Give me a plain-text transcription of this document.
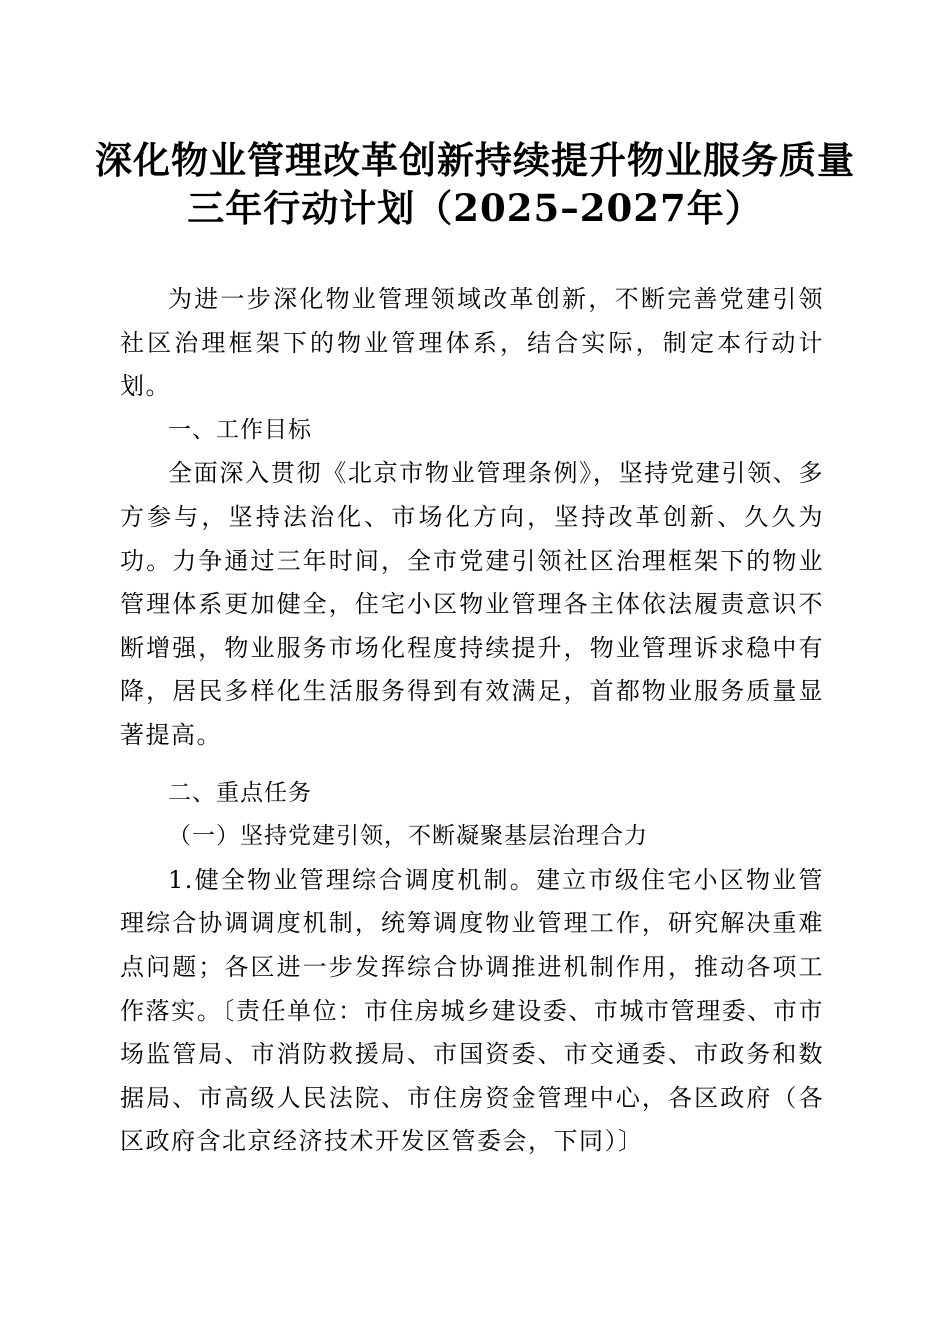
深化物业管理改革创新持续提升物业服务质量
三年行动计划（2025–2027年）

为进一步深化物业管理领域改革创新，不断完善党建引领社区治理框架下的物业管理体系，结合实际，制定本行动计划。

一、工作目标

全面深入贯彻《北京市物业管理条例》，坚持党建引领、多方参与，坚持法治化、市场化方向，坚持改革创新、久久为功。力争通过三年时间，全市党建引领社区治理框架下的物业管理体系更加健全，住宅小区物业管理各主体依法履责意识不断增强，物业服务市场化程度持续提升，物业管理诉求稳中有降，居民多样化生活服务得到有效满足，首都物业服务质量显著提高。

二、重点任务

（一）坚持党建引领，不断凝聚基层治理合力

1.健全物业管理综合调度机制。建立市级住宅小区物业管理综合协调调度机制，统筹调度物业管理工作，研究解决重难点问题；各区进一步发挥综合协调推进机制作用，推动各项工作落实。〔责任单位：市住房城乡建设委、市城市管理委、市市场监管局、市消防救援局、市国资委、市交通委、市政务和数据局、市高级人民法院、市住房资金管理中心，各区政府（各区政府含北京经济技术开发区管委会，下同）〕
